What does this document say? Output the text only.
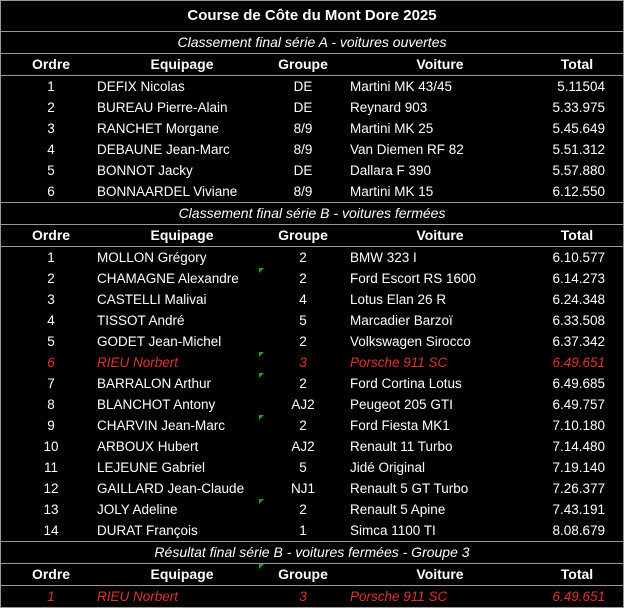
Course de Côte du Mont Dore 2025
Classement final série A - voitures ouvertes
Ordre	Equipage	Groupe	Voiture	Total
1	DEFIX Nicolas	DE	Martini MK 43/45	5.11504
2	BUREAU Pierre-Alain	DE	Reynard 903	5.33.975
3	RANCHET Morgane	8/9	Martini MK 25	5.45.649
4	DEBAUNE Jean-Marc	8/9	Van Diemen RF 82	5.51.312
5	BONNOT Jacky	DE	Dallara F 390	5.57.880
6	BONNAARDEL Viviane	8/9	Martini MK 15	6.12.550
Classement final série B - voitures fermées
Ordre	Equipage	Groupe	Voiture	Total
1	MOLLON Grégory	2	BMW 323 I	6.10.577
2	CHAMAGNE Alexandre	2	Ford Escort RS 1600	6.14.273
3	CASTELLI Malivai	4	Lotus Elan 26 R	6.24.348
4	TISSOT André	5	Marcadier Barzoï	6.33.508
5	GODET Jean-Michel	2	Volkswagen Sirocco	6.37.342
6	RIEU Norbert	3	Porsche 911 SC	6.49.651
7	BARRALON Arthur	2	Ford Cortina Lotus	6.49.685
8	BLANCHOT Antony	AJ2	Peugeot 205 GTI	6.49.757
9	CHARVIN Jean-Marc	2	Ford Fiesta MK1	7.10.180
10	ARBOUX Hubert	AJ2	Renault 11 Turbo	7.14.480
11	LEJEUNE Gabriel	5	Jidé Original	7.19.140
12	GAILLARD Jean-Claude	NJ1	Renault 5 GT Turbo	7.26.377
13	JOLY Adeline	2	Renault 5 Apine	7.43.191
14	DURAT François	1	Simca 1100 TI	8.08.679
Résultat final série B - voitures fermées - Groupe 3
Ordre	Equipage	Groupe	Voiture	Total
1	RIEU Norbert	3	Porsche 911 SC	6.49.651
